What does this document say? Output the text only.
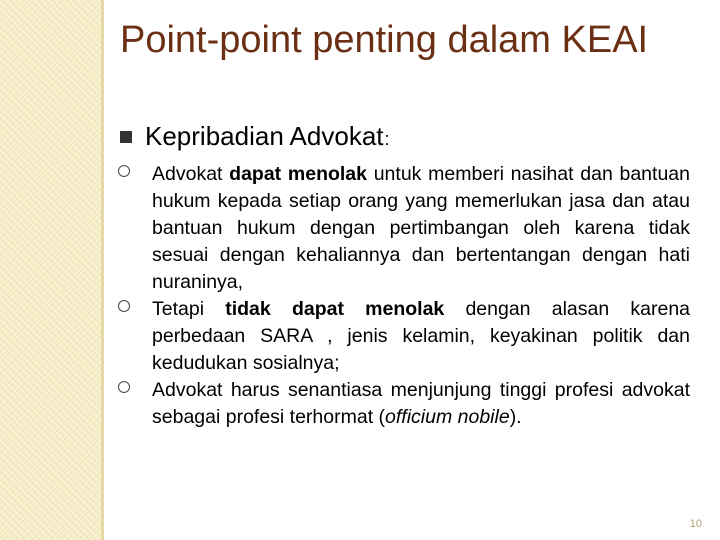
Point-point penting dalam KEAI
Kepribadian Advokat:
Advokat dapat menolak untuk memberi nasihat dan bantuan hukum kepada setiap orang yang memerlukan jasa dan atau bantuan hukum dengan pertimbangan oleh karena tidak sesuai dengan kehaliannya dan bertentangan dengan hati nuraninya,
Tetapi tidak dapat menolak dengan alasan karena perbedaan SARA , jenis kelamin, keyakinan politik dan kedudukan sosialnya;
Advokat harus senantiasa menjunjung tinggi profesi advokat sebagai profesi terhormat (officium nobile).
10
